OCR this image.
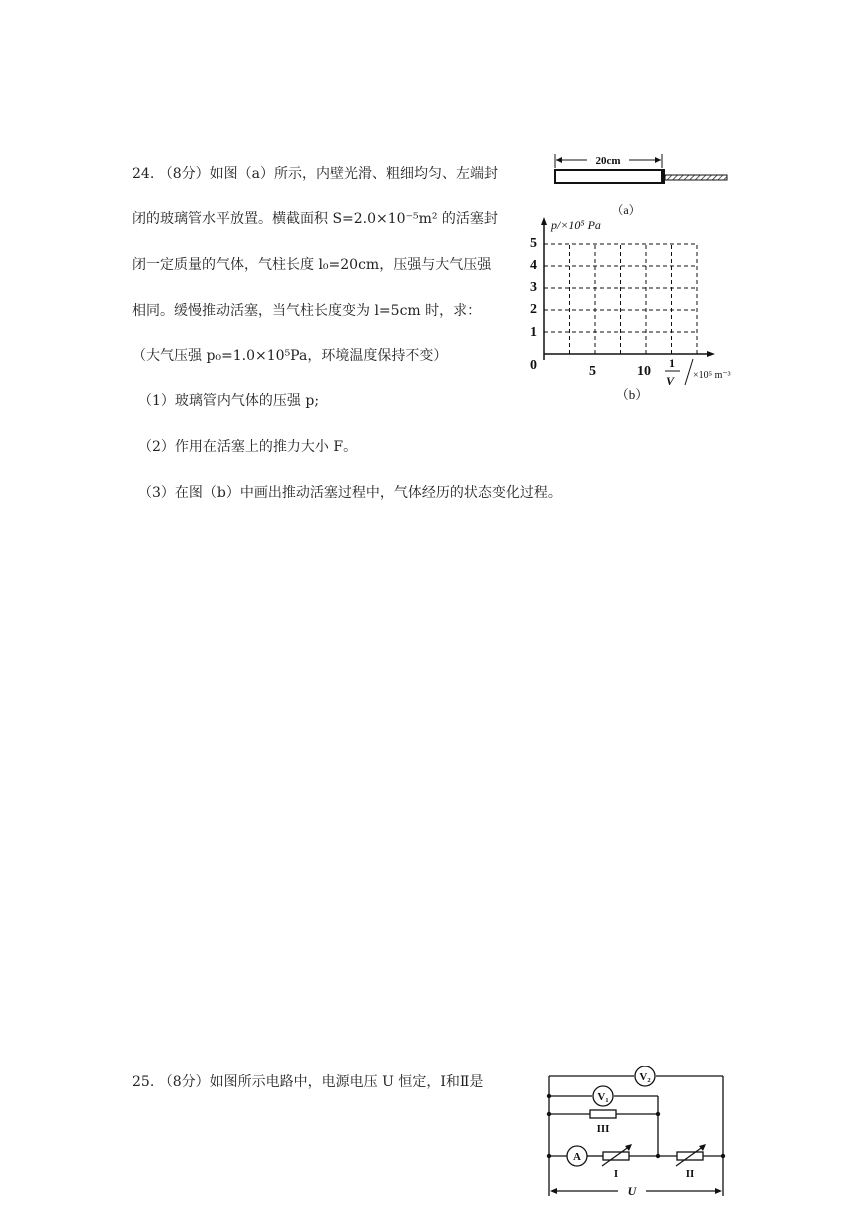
24. （8分）如图（a）所示，内壁光滑、粗细均匀、左端封
闭的玻璃管水平放置。横截面积 S=2.0×10⁻⁵m² 的活塞封
闭一定质量的气体，气柱长度 l₀=20cm，压强与大气压强
相同。缓慢推动活塞，当气柱长度变为 l=5cm 时，求：
（大气压强 p₀=1.0×10⁵Pa，环境温度保持不变）
（1）玻璃管内气体的压强 p;
（2）作用在活塞上的推力大小 F。
（3）在图（b）中画出推动活塞过程中，气体经历的状态变化过程。
20cm
（a）
p/×10⁵ Pa
1
2
3
4
5
0	5	10
1
V ×10⁵ m⁻³
（b）
25. （8分）如图所示电路中，电源电压 U 恒定，Ⅰ和Ⅱ是	V₂
V₁
III
A
I	II
U
